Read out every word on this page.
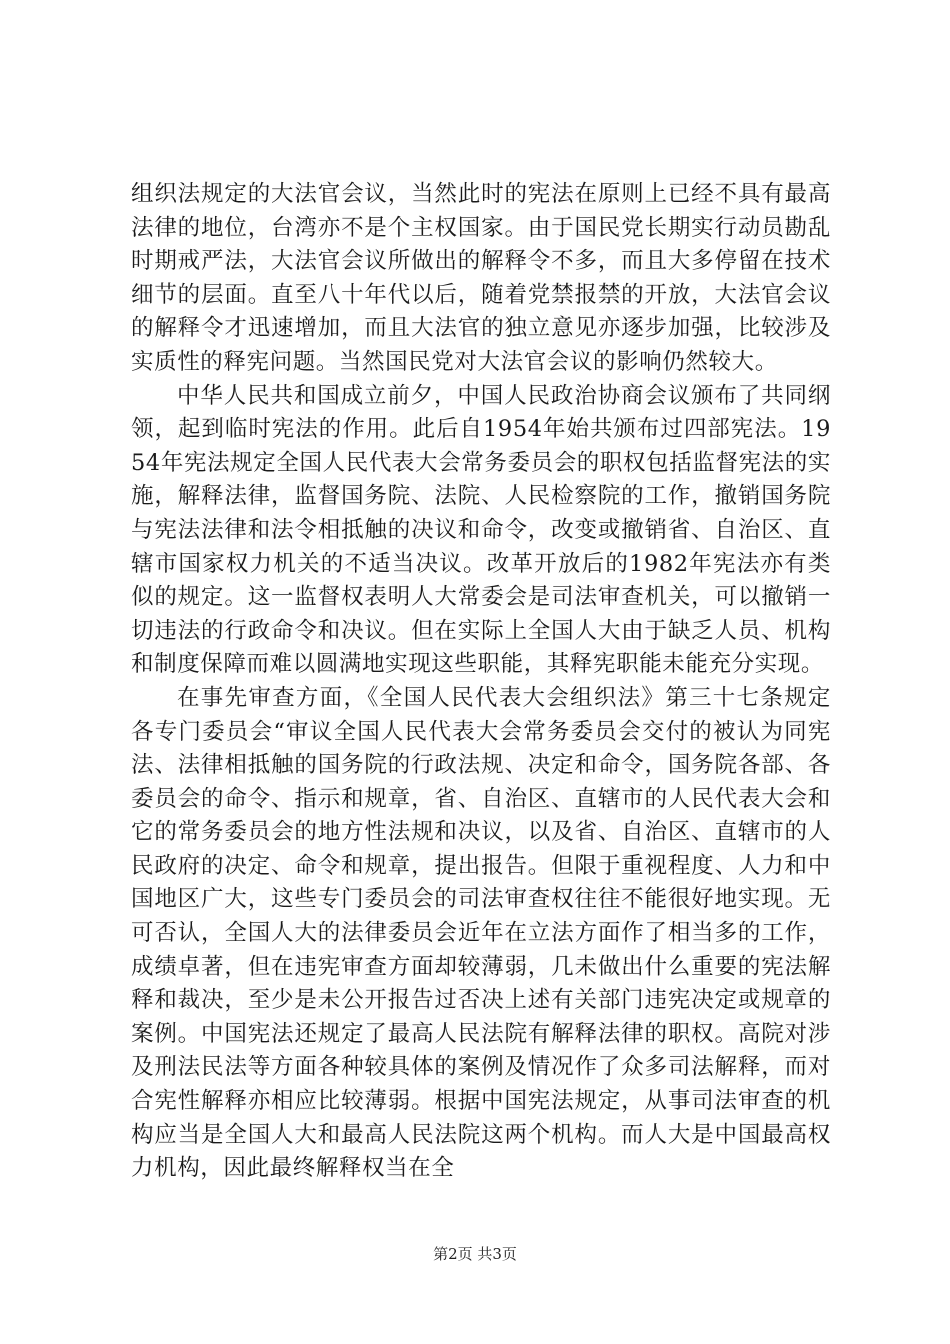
组织法规定的大法官会议，当然此时的宪法在原则上已经不具有最高法律的地位，台湾亦不是个主权国家。由于国民党长期实行动员勘乱时期戒严法，大法官会议所做出的解释令不多，而且大多停留在技术细节的层面。直至八十年代以后，随着党禁报禁的开放，大法官会议的解释令才迅速增加，而且大法官的独立意见亦逐步加强，比较涉及实质性的释宪问题。当然国民党对大法官会议的影响仍然较大。

中华人民共和国成立前夕，中国人民政治协商会议颁布了共同纲领，起到临时宪法的作用。此后自1954年始共颁布过四部宪法。1954年宪法规定全国人民代表大会常务委员会的职权包括监督宪法的实施，解释法律，监督国务院、法院、人民检察院的工作，撤销国务院与宪法法律和法令相抵触的决议和命令，改变或撤销省、自治区、直辖市国家权力机关的不适当决议。改革开放后的1982年宪法亦有类似的规定。这一监督权表明人大常委会是司法审查机关，可以撤销一切违法的行政命令和决议。但在实际上全国人大由于缺乏人员、机构和制度保障而难以圆满地实现这些职能，其释宪职能未能充分实现。

在事先审查方面，《全国人民代表大会组织法》第三十七条规定各专门委员会“审议全国人民代表大会常务委员会交付的被认为同宪法、法律相抵触的国务院的行政法规、决定和命令，国务院各部、各委员会的命令、指示和规章，省、自治区、直辖市的人民代表大会和它的常务委员会的地方性法规和决议，以及省、自治区、直辖市的人民政府的决定、命令和规章，提出报告。但限于重视程度、人力和中国地区广大，这些专门委员会的司法审查权往往不能很好地实现。无可否认，全国人大的法律委员会近年在立法方面作了相当多的工作，成绩卓著，但在违宪审查方面却较薄弱，几未做出什么重要的宪法解释和裁决，至少是未公开报告过否决上述有关部门违宪决定或规章的案例。中国宪法还规定了最高人民法院有解释法律的职权。高院对涉及刑法民法等方面各种较具体的案例及情况作了众多司法解释，而对合宪性解释亦相应比较薄弱。根据中国宪法规定，从事司法审查的机构应当是全国人大和最高人民法院这两个机构。而人大是中国最高权力机构，因此最终解释权当在全

第2页 共3页
